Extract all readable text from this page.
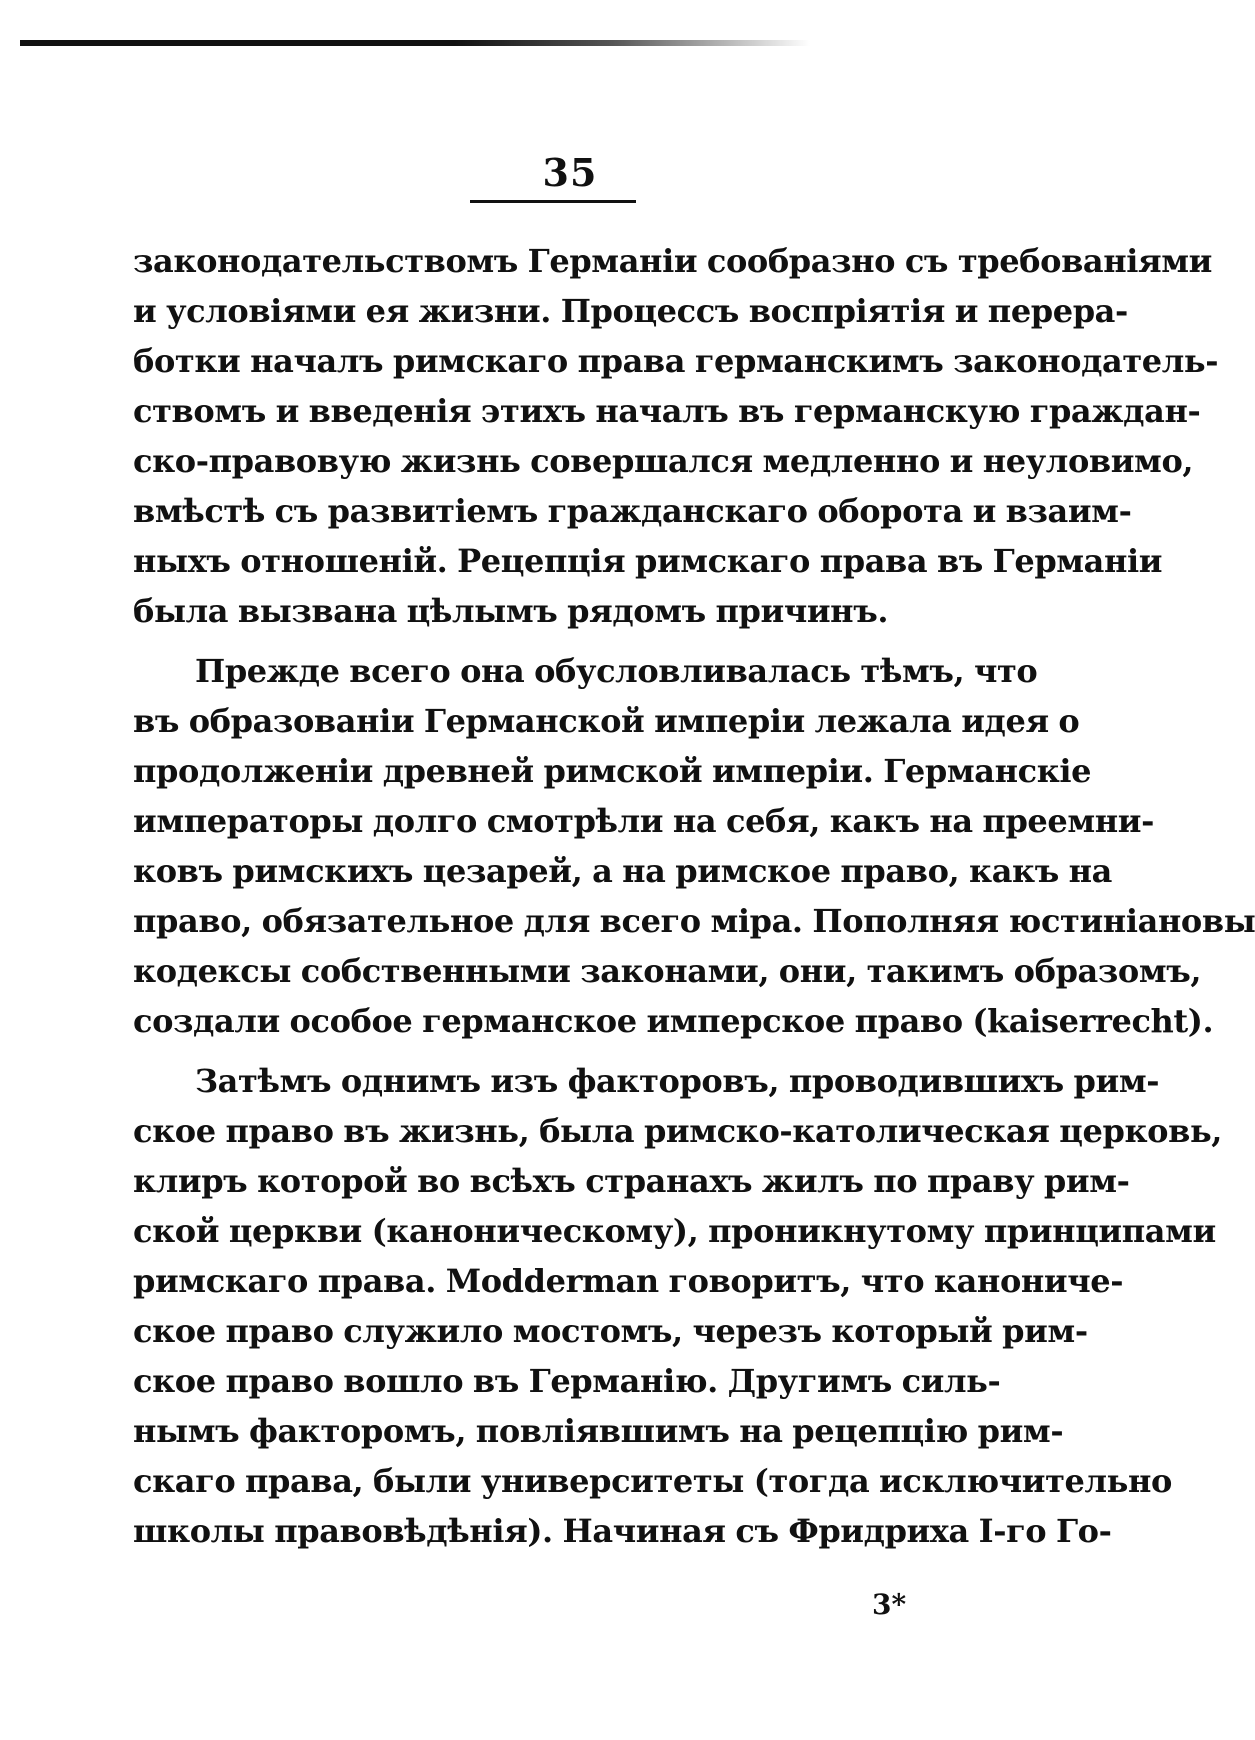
35
законодательствомъ Германіи сообразно съ требованіями
и условіями ея жизни. Процессъ воспріятія и перера-
ботки началъ римскаго права германскимъ законодатель-
ствомъ и введенія этихъ началъ въ германскую граждан-
ско-правовую жизнь совершался медленно и неуловимо,
вмѣстѣ съ развитіемъ гражданскаго оборота и взаим-
ныхъ отношеній. Рецепція римскаго права въ Германіи
была вызвана цѣлымъ рядомъ причинъ.
Прежде всего она обусловливалась тѣмъ, что
въ образованіи Германской имперіи лежала идея о
продолженіи древней римской имперіи. Германскіе
императоры долго смотрѣли на себя, какъ на преемни-
ковъ римскихъ цезарей, а на римское право, какъ на
право, обязательное для всего міра. Пополняя юстиніановы
кодексы собственными законами, они, такимъ образомъ,
создали особое германское имперское право (kaiserrecht).
Затѣмъ однимъ изъ факторовъ, проводившихъ рим-
ское право въ жизнь, была римско-католическая церковь,
клиръ которой во всѣхъ странахъ жилъ по праву рим-
ской церкви (каноническому), проникнутому принципами
римскаго права. Modderman говоритъ, что канониче-
ское право служило мостомъ, черезъ который рим-
ское право вошло въ Германію. Другимъ силь-
нымъ факторомъ, повліявшимъ на рецепцію рим-
скаго права, были университеты (тогда исключительно
школы правовѣдѣнія). Начиная съ Фридриха I-го Го-
3*
